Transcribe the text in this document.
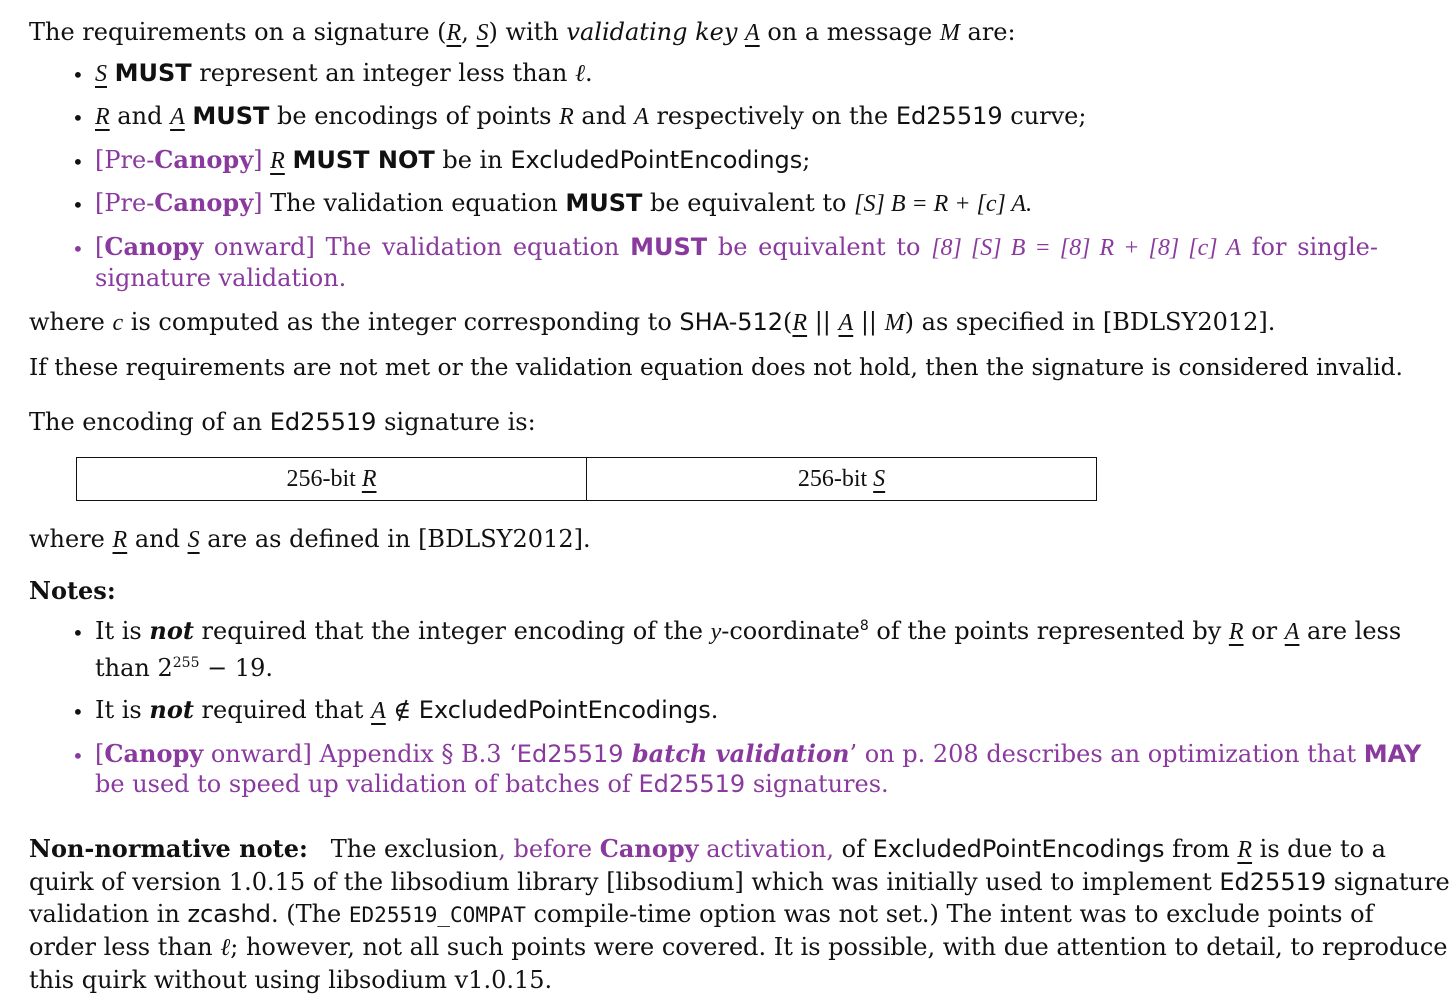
The requirements on a signature (R, S) with validating key A on a message M are:
• S MUST represent an integer less than ℓ.
• R and A MUST be encodings of points R and A respectively on the Ed25519 curve;
• [Pre-Canopy] R MUST NOT be in ExcludedPointEncodings;
• [Pre-Canopy] The validation equation MUST be equivalent to [S] B = R + [c] A.
• [Canopy onward] The validation equation MUST be equivalent to [8] [S] B = [8] R + [8] [c] A for single-
signature validation.
where c is computed as the integer corresponding to SHA-512(R || A || M) as specified in [BDLSY2012].
If these requirements are not met or the validation equation does not hold, then the signature is considered invalid.
The encoding of an Ed25519 signature is:
256-bit R	256-bit S
where R and S are as defined in [BDLSY2012].
Notes:
• It is not required that the integer encoding of the y-coordinate$^8$ of the points represented by R or A are less
than $2^{255} - 19$.
• It is not required that A ∉ ExcludedPointEncodings.
• [Canopy onward] Appendix § B.3 ‘Ed25519 batch validation’ on p. 208 describes an optimization that MAY
be used to speed up validation of batches of Ed25519 signatures.
Non-normative note: The exclusion, before Canopy activation, of ExcludedPointEncodings from R is due to a
quirk of version 1.0.15 of the libsodium library [libsodium] which was initially used to implement Ed25519 signature
validation in zcashd. (The ED25519_COMPAT compile-time option was not set.) The intent was to exclude points of
order less than ℓ; however, not all such points were covered. It is possible, with due attention to detail, to reproduce
this quirk without using libsodium v1.0.15.
